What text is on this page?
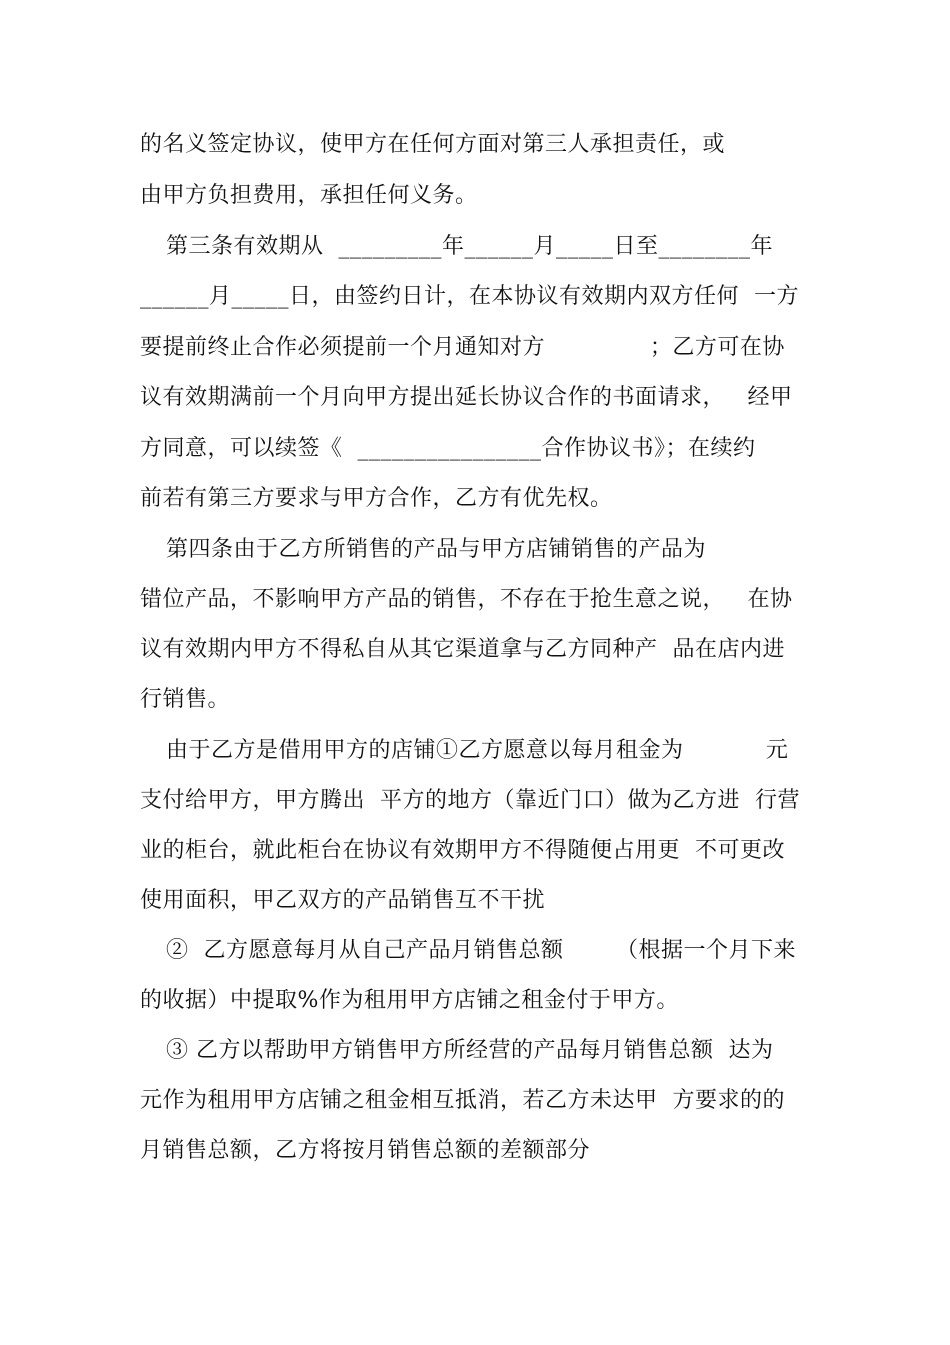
的名义签定协议，使甲方在任何方面对第三人承担责任，或
由甲方负担费用，承担任何义务。
第三条有效期从  _________年______月_____日至________年
______月_____日，由签约日计，在本协议有效期内双方任何  一方
要提前终止合作必须提前一个月通知对方              ；乙方可在协
议有效期满前一个月向甲方提出延长协议合作的书面请求，   经甲
方同意，可以续签《  ________________合作协议书》；在续约
前若有第三方要求与甲方合作，乙方有优先权。
第四条由于乙方所销售的产品与甲方店铺销售的产品为
错位产品，不影响甲方产品的销售，不存在于抢生意之说，   在协
议有效期内甲方不得私自从其它渠道拿与乙方同种产  品在店内进
行销售。
由于乙方是借用甲方的店铺①乙方愿意以每月租金为           元
支付给甲方，甲方腾出  平方的地方（靠近门口）做为乙方进  行营
业的柜台，就此柜台在协议有效期甲方不得随便占用更  不可更改
使用面积，甲乙双方的产品销售互不干扰
②  乙方愿意每月从自己产品月销售总额       （根据一个月下来
的收据）中提取%作为租用甲方店铺之租金付于甲方。
③ 乙方以帮助甲方销售甲方所经营的产品每月销售总额  达为
元作为租用甲方店铺之租金相互抵消，若乙方未达甲  方要求的的
月销售总额，乙方将按月销售总额的差额部分
